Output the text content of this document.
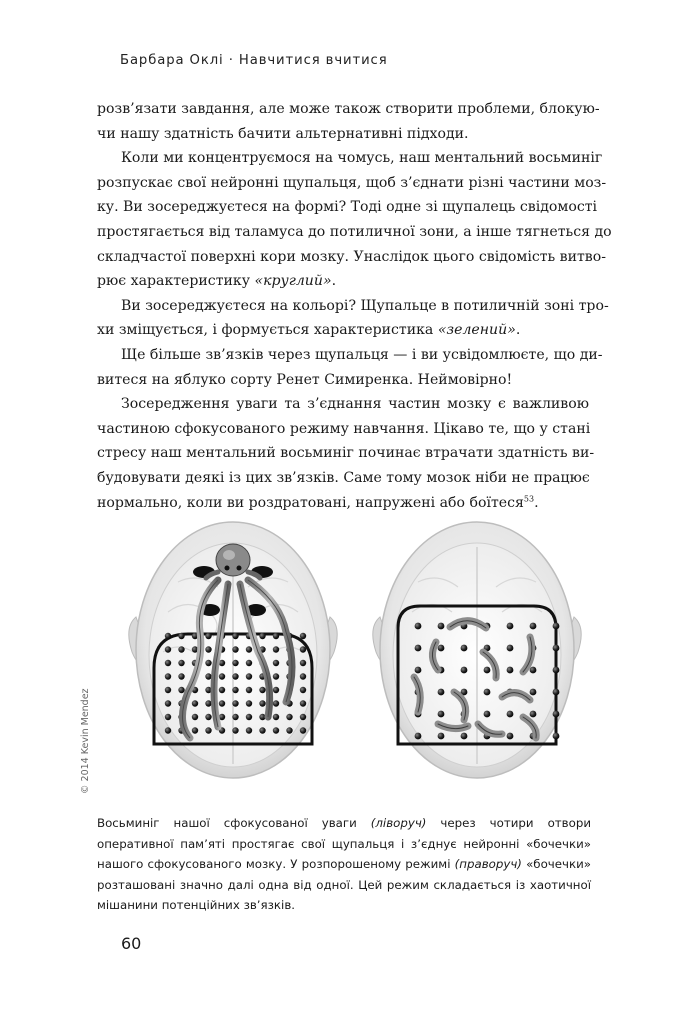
Барбара Оклі · Навчитися вчитися

розв’язати завдання, але може також створити проблеми, блокую-
чи нашу здатність бачити альтернативні підходи.

Коли ми концентруємося на чомусь, наш ментальний восьминіг
розпускає свої нейронні щупальця, щоб з’єднати різні частини моз-
ку. Ви зосереджуєтеся на формі? Тоді одне зі щупалець свідомості
простягається від таламуса до потиличної зони, а інше тягнеться до
складчастої поверхні кори мозку. Унаслідок цього свідомість витво-
рює характеристику «круглий».

Ви зосереджуєтеся на кольорі? Щупальце в потиличній зоні тро-
хи зміщується, і формується характеристика «зелений».

Ще більше зв’язків через щупальця — і ви усвідомлюєте, що ди-
витеся на яблуко сорту Ренет Симиренка. Неймовірно!

Зосередження уваги та з’єднання частин мозку є важливою
частиною сфокусованого режиму навчання. Цікаво те, що у стані
стресу наш ментальний восьминіг починає втрачати здатність ви-
будовувати деякі із цих зв’язків. Саме тому мозок ніби не працює
нормально, коли ви роздратовані, напружені або боїтеся$^{53}$.

© 2014 Kevin Mendez
Восьминіг нашої сфокусованої уваги (ліворуч) через чотири отвори
оперативної пам’яті простягає свої щупальця і з’єднує нейронні «бочечки»
нашого сфокусованого мозку. У розпорошеному режимі (праворуч) «бочечки»
розташовані значно далі одна від одної. Цей режим складається із хаотичної
мішанини потенційних зв’язків.
60
